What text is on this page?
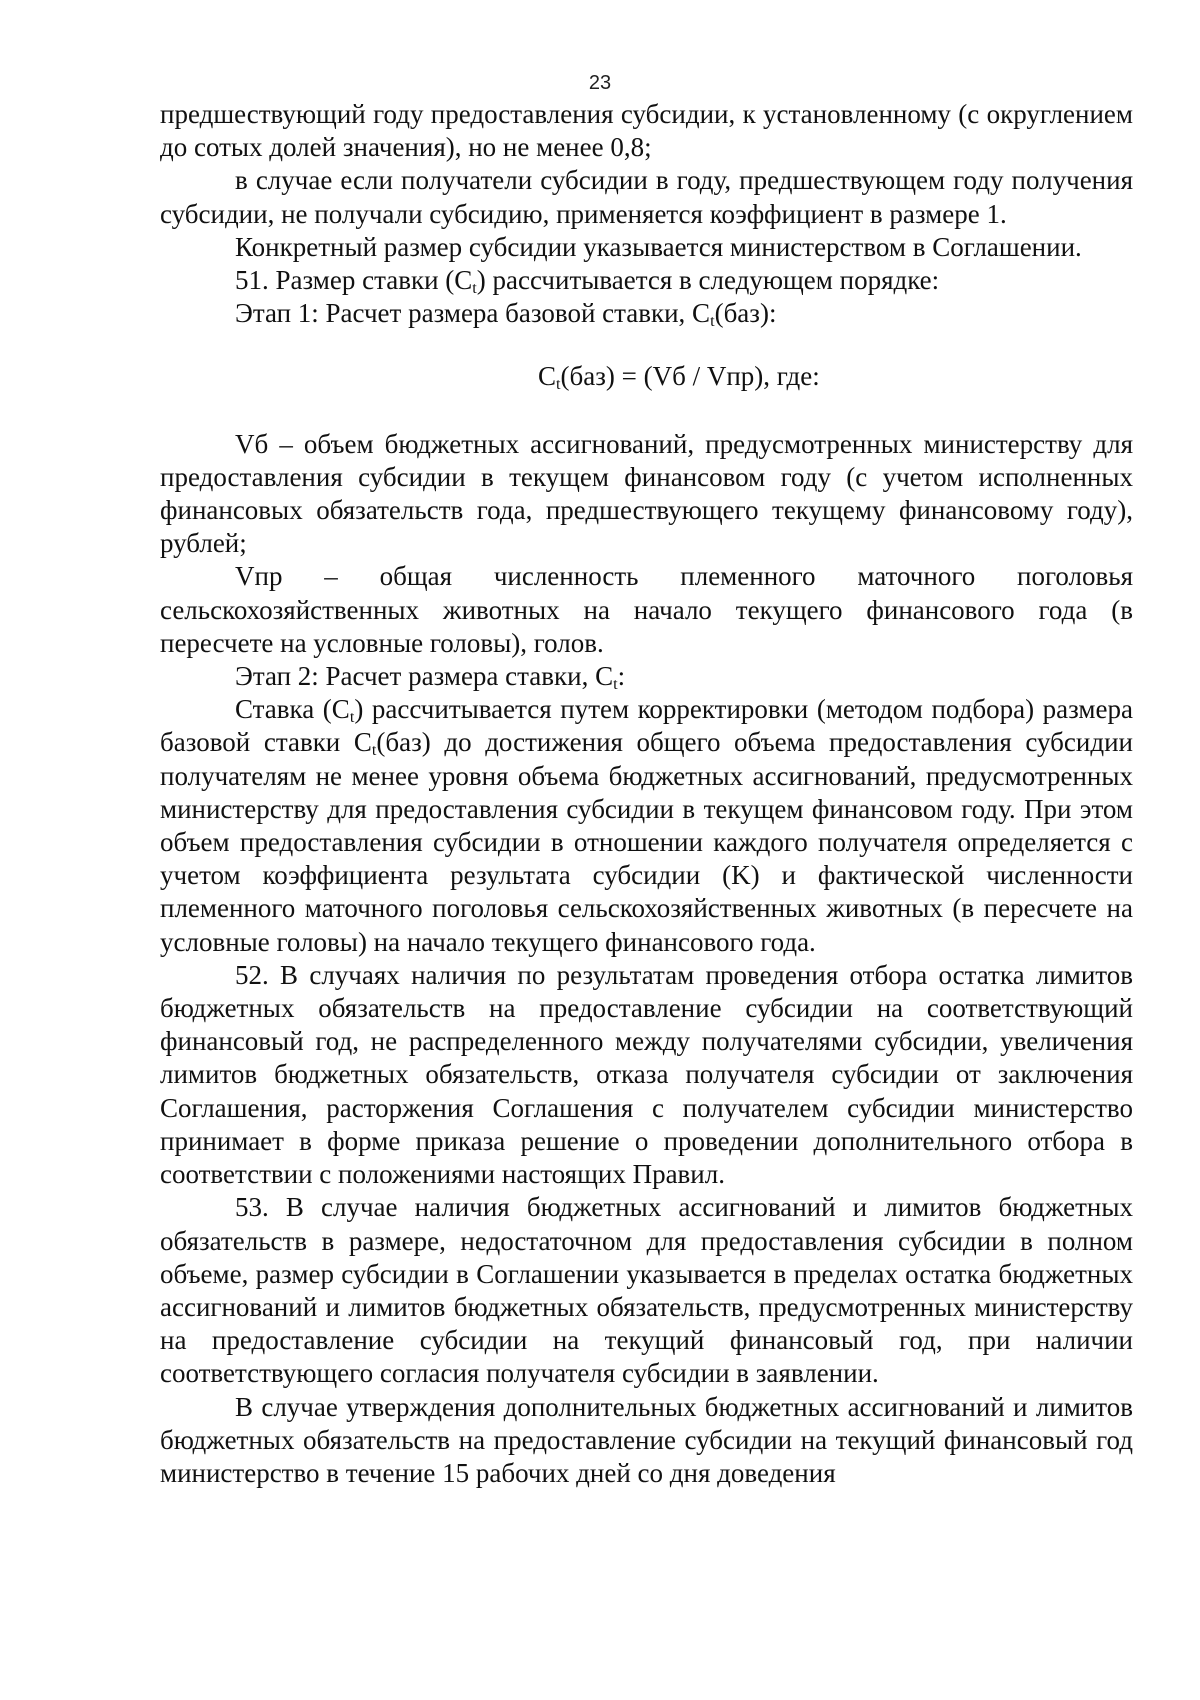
23

предшествующий году предоставления субсидии, к установленному (с округлением до сотых долей значения), но не менее 0,8;

в случае если получатели субсидии в году, предшествующем году получения субсидии, не получали субсидию, применяется коэффициент в размере 1.

Конкретный размер субсидии указывается министерством в Соглашении.

51. Размер ставки $(C_t)$ рассчитывается в следующем порядке:

Этап 1: Расчет размера базовой ставки, $C_t(баз)$:

$C_t(баз) = (Vб / Vпр)$, где:

Vб – объем бюджетных ассигнований, предусмотренных министерству для предоставления субсидии в текущем финансовом году (с учетом исполненных финансовых обязательств года, предшествующего текущему финансовому году), рублей;

Vпр – общая численность племенного маточного поголовья сельскохозяйственных животных на начало текущего финансового года (в пересчете на условные головы), голов.

Этап 2: Расчет размера ставки, $C_t$:

Ставка $(C_t)$ рассчитывается путем корректировки (методом подбора) размера базовой ставки $C_t(баз)$ до достижения общего объема предоставления субсидии получателям не менее уровня объема бюджетных ассигнований, предусмотренных министерству для предоставления субсидии в текущем финансовом году. При этом объем предоставления субсидии в отношении каждого получателя определяется с учетом коэффициента результата субсидии (K) и фактической численности племенного маточного поголовья сельскохозяйственных животных (в пересчете на условные головы) на начало текущего финансового года.

52. В случаях наличия по результатам проведения отбора остатка лимитов бюджетных обязательств на предоставление субсидии на соответствующий финансовый год, не распределенного между получателями субсидии, увеличения лимитов бюджетных обязательств, отказа получателя субсидии от заключения Соглашения, расторжения Соглашения с получателем субсидии министерство принимает в форме приказа решение о проведении дополнительного отбора в соответствии с положениями настоящих Правил.

53. В случае наличия бюджетных ассигнований и лимитов бюджетных обязательств в размере, недостаточном для предоставления субсидии в полном объеме, размер субсидии в Соглашении указывается в пределах остатка бюджетных ассигнований и лимитов бюджетных обязательств, предусмотренных министерству на предоставление субсидии на текущий финансовый год, при наличии соответствующего согласия получателя субсидии в заявлении.

В случае утверждения дополнительных бюджетных ассигнований и лимитов бюджетных обязательств на предоставление субсидии на текущий финансовый год министерство в течение 15 рабочих дней со дня доведения
